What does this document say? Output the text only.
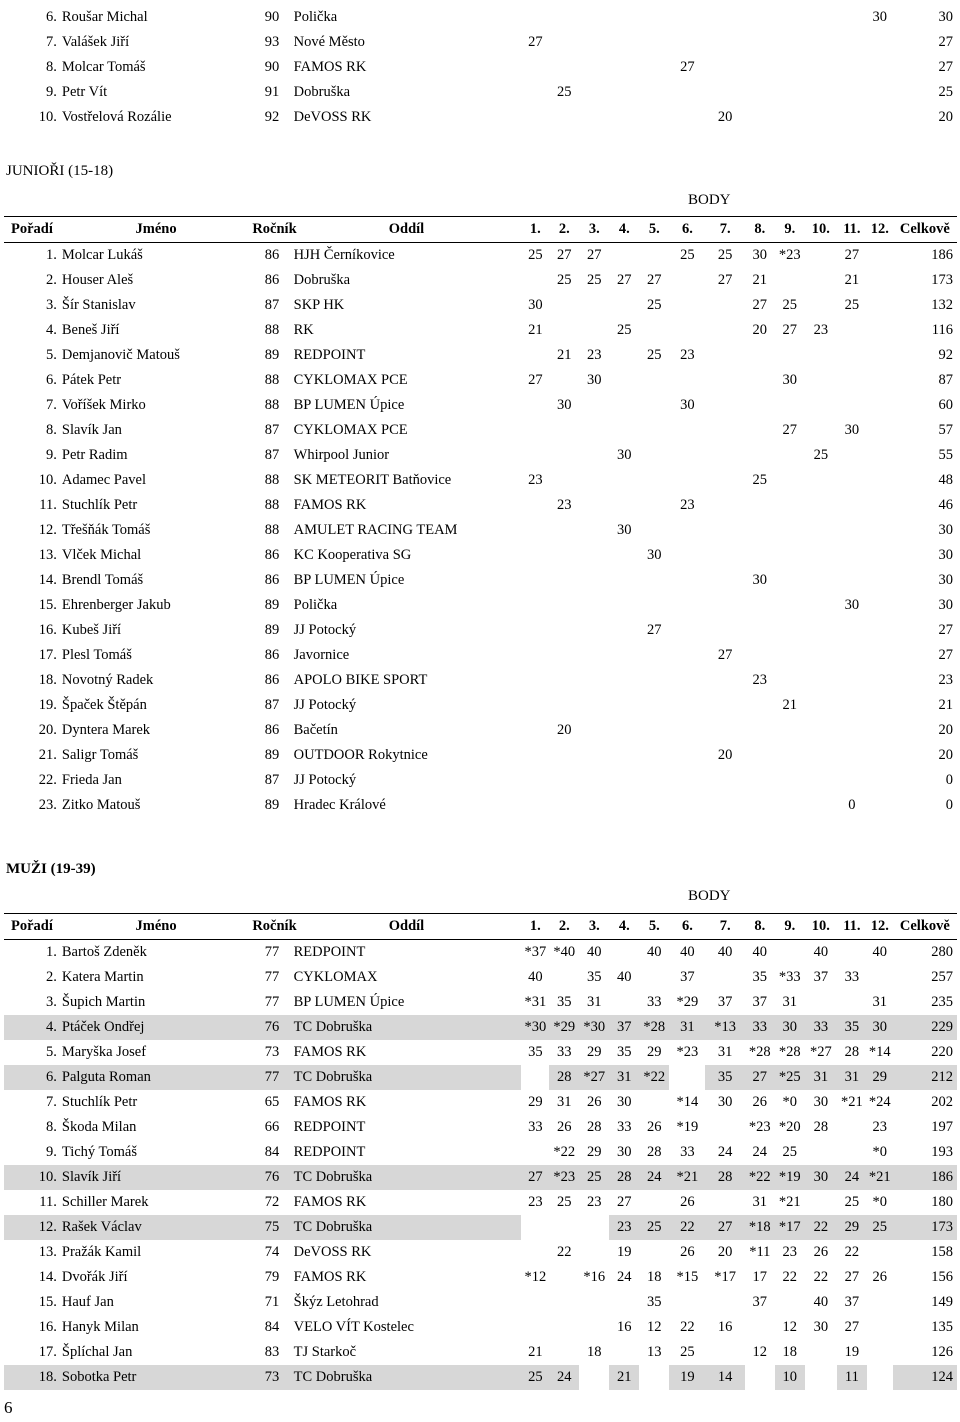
6.	Roušar Michal	90	Polička												30	30
7.	Valášek Jiří	93	Nové Město	27												27
8.	Molcar Tomáš	90	FAMOS RK						27							27
9.	Petr Vít	91	Dobruška		25											25
10.	Vostřelová Rozálie	92	DeVOSS RK							20						20
JUNIOŘI (15-18)
BODY
Pořadí	Jméno	Ročník	Oddíl	1.	2.	3.	4.	5.	6.	7.	8.	9.	10.	11.	12.	Celkově
1.	Molcar Lukáš	86	HJH Černíkovice	25	27	27			25	25	30	*23		27		186
2.	Houser Aleš	86	Dobruška		25	25	27	27		27	21			21		173
3.	Šír Stanislav	87	SKP HK	30				25			27	25		25		132
4.	Beneš Jiří	88	RK	21			25				20	27	23			116
5.	Demjanovič Matouš	89	REDPOINT		21	23		25	23							92
6.	Pátek Petr	88	CYKLOMAX PCE	27		30						30				87
7.	Voříšek Mirko	88	BP LUMEN Úpice		30				30							60
8.	Slavík Jan	87	CYKLOMAX PCE									27		30		57
9.	Petr Radim	87	Whirpool Junior				30						25			55
10.	Adamec Pavel	88	SK METEORIT Batňovice	23							25					48
11.	Stuchlík Petr	88	FAMOS RK		23				23							46
12.	Třešňák Tomáš	88	AMULET RACING TEAM				30									30
13.	Vlček Michal	86	KC Kooperativa SG					30								30
14.	Brendl Tomáš	86	BP LUMEN Úpice								30					30
15.	Ehrenberger Jakub	89	Polička											30		30
16.	Kubeš Jiří	89	JJ Potocký					27								27
17.	Plesl Tomáš	86	Javornice							27						27
18.	Novotný Radek	86	APOLO BIKE SPORT								23					23
19.	Špaček Štěpán	87	JJ Potocký									21				21
20.	Dyntera Marek	86	Bačetín		20											20
21.	Saligr Tomáš	89	OUTDOOR Rokytnice							20						20
22.	Frieda Jan	87	JJ Potocký													0
23.	Zitko Matouš	89	Hradec Králové											0		0
MUŽI (19-39)
BODY
Pořadí	Jméno	Ročník	Oddíl	1.	2.	3.	4.	5.	6.	7.	8.	9.	10.	11.	12.	Celkově
1.	Bartoš Zdeněk	77	REDPOINT	*37	*40	40		40	40	40	40		40		40	280
2.	Katera Martin	77	CYKLOMAX	40		35	40		37		35	*33	37	33		257
3.	Šupich Martin	77	BP LUMEN Úpice	*31	35	31		33	*29	37	37	31			31	235
4.	Ptáček Ondřej	76	TC Dobruška	*30	*29	*30	37	*28	31	*13	33	30	33	35	30	229
5.	Maryška Josef	73	FAMOS RK	35	33	29	35	29	*23	31	*28	*28	*27	28	*14	220
6.	Palguta Roman	77	TC Dobruška		28	*27	31	*22		35	27	*25	31	31	29	212
7.	Stuchlík Petr	65	FAMOS RK	29	31	26	30		*14	30	26	*0	30	*21	*24	202
8.	Škoda Milan	66	REDPOINT	33	26	28	33	26	*19		*23	*20	28		23	197
9.	Tichý Tomáš	84	REDPOINT		*22	29	30	28	33	24	24	25			*0	193
10.	Slavík Jiří	76	TC Dobruška	27	*23	25	28	24	*21	28	*22	*19	30	24	*21	186
11.	Schiller Marek	72	FAMOS RK	23	25	23	27		26		31	*21		25	*0	180
12.	Rašek Václav	75	TC Dobruška				23	25	22	27	*18	*17	22	29	25	173
13.	Pražák Kamil	74	DeVOSS RK		22		19		26	20	*11	23	26	22		158
14.	Dvořák Jiří	79	FAMOS RK	*12		*16	24	18	*15	*17	17	22	22	27	26	156
15.	Hauf Jan	71	Škýz Letohrad					35			37		40	37		149
16.	Hanyk Milan	84	VELO VÍT Kostelec				16	12	22	16		12	30	27		135
17.	Šplíchal Jan	83	TJ Starkoč	21		18		13	25		12	18		19		126
18.	Sobotka Petr	73	TC Dobruška	25	24		21		19	14		10		11		124
6
